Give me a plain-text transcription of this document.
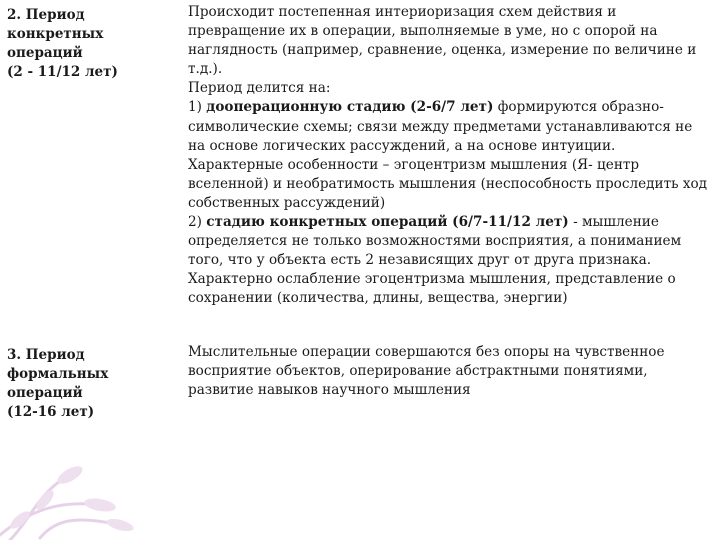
2. Период
конкретных
операций
(2 - 11/12 лет)

Происходит постепенная интериоризация схем действия и превращение их в операции, выполняемые в уме, но с опорой на наглядность (например, сравнение, оценка, измерение по величине и т.д.).

Период делится на:

1) дооперационную стадию (2-6/7 лет) формируются образно-символические схемы; связи между предметами устанавливаются не на основе логических рассуждений, а на основе интуиции. Характерные особенности – эгоцентризм мышления (Я- центр вселенной) и необратимость мышления (неспособность проследить ход собственных рассуждений)

2) стадию конкретных операций (6/7-11/12 лет) - мышление определяется не только возможностями восприятия, а пониманием того, что у объекта есть 2 независящих друг от друга признака. Характерно ослабление эгоцентризма мышления, представление о сохранении (количества, длины, вещества, энергии)

3. Период
формальных
операций
(12-16 лет)

Мыслительные операции совершаются без опоры на чувственное восприятие объектов, оперирование абстрактными понятиями, развитие навыков научного мышления
